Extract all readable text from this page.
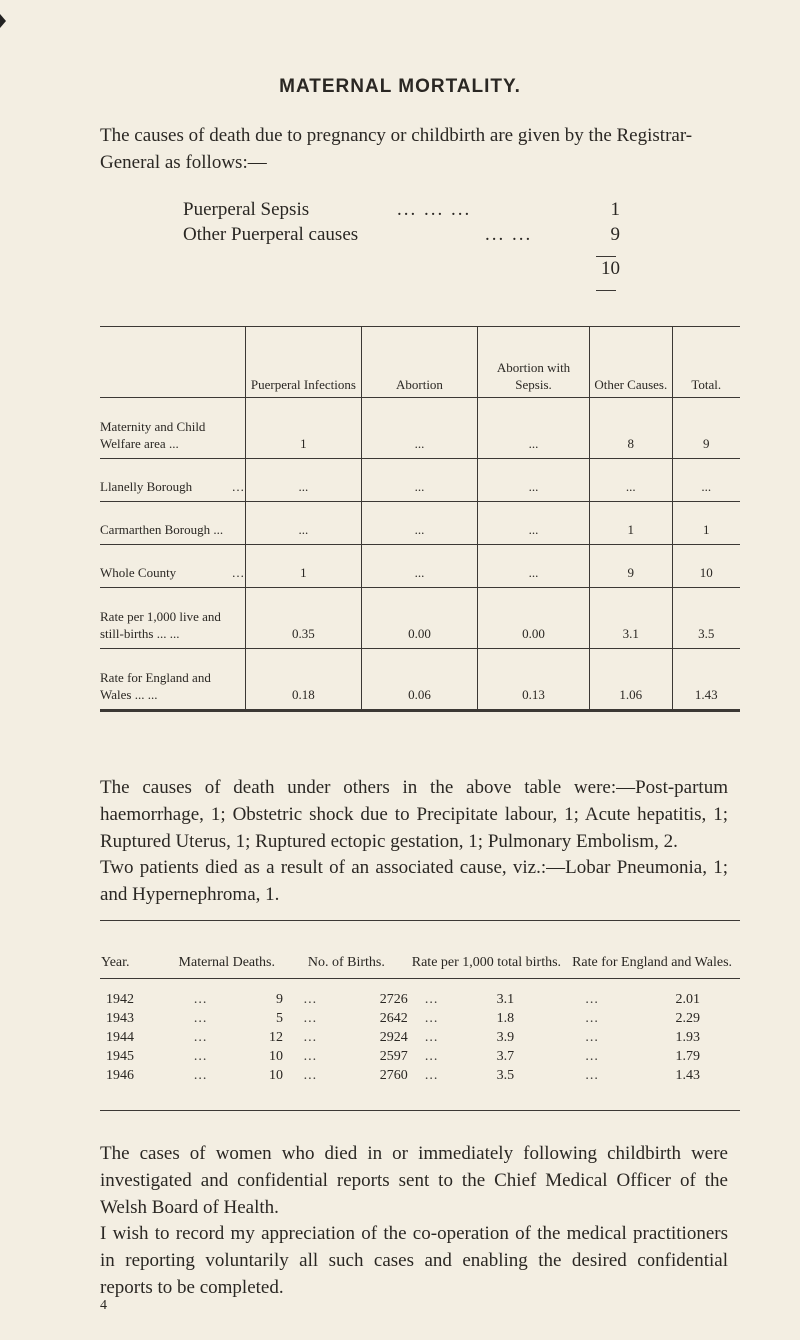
MATERNAL MORTALITY.
The causes of death due to pregnancy or childbirth are given by the Registrar-General as follows:—
Puerperal Sepsis	... ... ...	1
Other Puerperal causes	... ...	9
10
	Puerperal Infections	Abortion	Abortion with Sepsis.	Other Causes.	Total.
Maternity and Child Welfare area ...	1	...	...	8	9
Llanelly Borough ...	...	...	...	...	...
Carmarthen Borough ...	...	...	...	1	1
Whole County ...	1	...	...	9	10
Rate per 1,000 live and still-births ... ...	0.35	0.00	0.00	3.1	3.5
Rate for England and Wales ... ...	0.18	0.06	0.13	1.06	1.43
The causes of death under others in the above table were:—Post-partum haemorrhage, 1; Obstetric shock due to Precipitate labour, 1; Acute hepatitis, 1; Ruptured Uterus, 1; Ruptured ectopic gestation, 1; Pulmonary Embolism, 2.
Two patients died as a result of an associated cause, viz.:—Lobar Pneumonia, 1; and Hypernephroma, 1.
Year.	Maternal Deaths.		No. of Births.		Rate per 1,000 total births.		Rate for England and Wales.	
1942	...	9	...	2726	...	3.1	...	2.01
1943	...	5	...	2642	...	1.8	...	2.29
1944	...	12	...	2924	...	3.9	...	1.93
1945	...	10	...	2597	...	3.7	...	1.79
1946	...	10	...	2760	...	3.5	...	1.43
The cases of women who died in or immediately following childbirth were investigated and confidential reports sent to the Chief Medical Officer of the Welsh Board of Health.
I wish to record my appreciation of the co-operation of the medical practitioners in reporting voluntarily all such cases and enabling the desired confidential reports to be completed.
4
